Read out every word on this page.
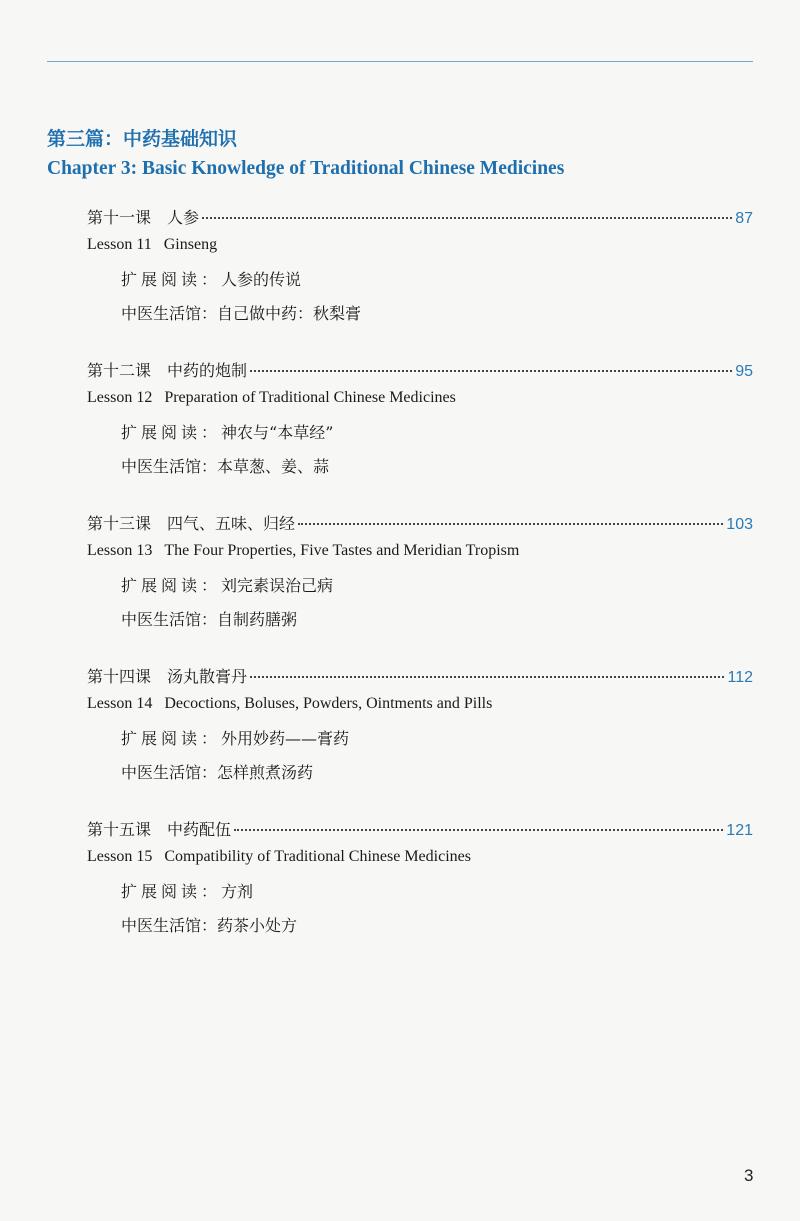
第三篇：中药基础知识
Chapter 3: Basic Knowledge of Traditional Chinese Medicines
第十一课 人参	87
Lesson 11 Ginseng
扩展阅读：人参的传说
中医生活馆：自己做中药：秋梨膏
第十二课 中药的炮制	95
Lesson 12 Preparation of Traditional Chinese Medicines
扩展阅读：神农与“本草经”
中医生活馆：本草葱、姜、蒜
第十三课 四气、五味、归经	103
Lesson 13 The Four Properties, Five Tastes and Meridian Tropism
扩展阅读：刘完素误治己病
中医生活馆：自制药膳粥
第十四课 汤丸散膏丹	112
Lesson 14 Decoctions, Boluses, Powders, Ointments and Pills
扩展阅读：外用妙药——膏药
中医生活馆：怎样煎煮汤药
第十五课 中药配伍	121
Lesson 15 Compatibility of Traditional Chinese Medicines
扩展阅读：方剂
中医生活馆：药茶小处方
3
